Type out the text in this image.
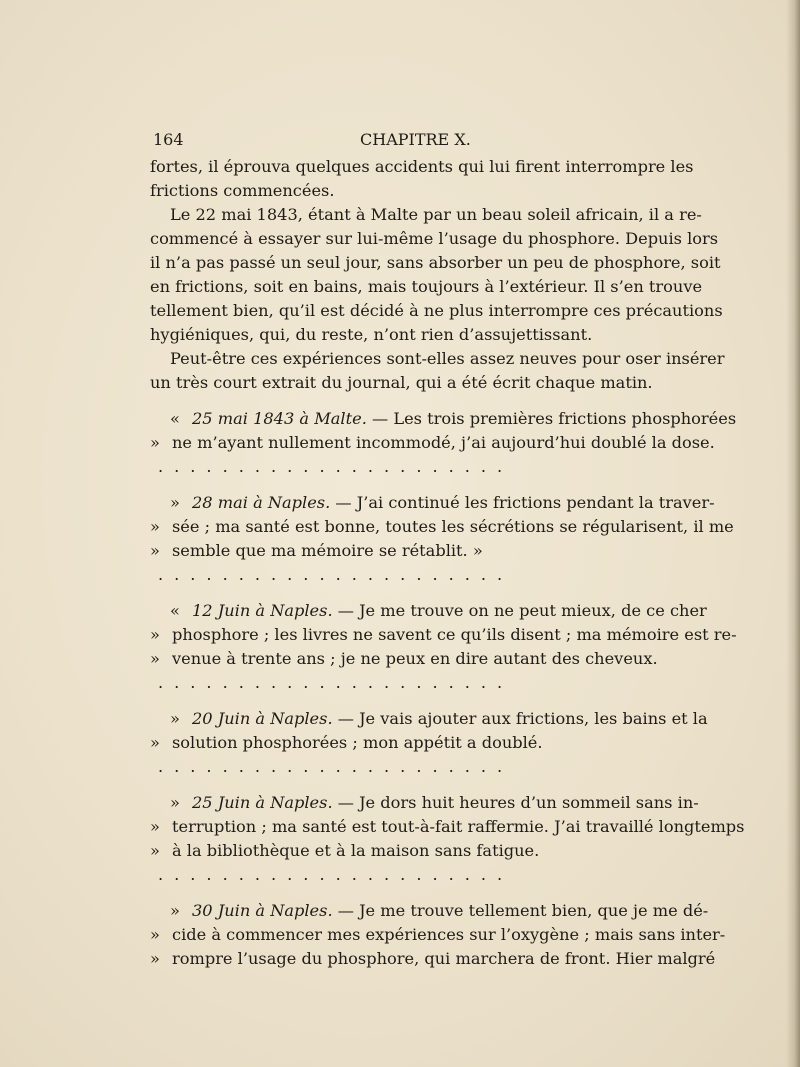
164	CHAPITRE X.
fortes, il éprouva quelques accidents qui lui firent interrompre les
frictions commencées.
Le 22 mai 1843, étant à Malte par un beau soleil africain, il a re-
commencé à essayer sur lui-même l’usage du phosphore. Depuis lors
il n’a pas passé un seul jour, sans absorber un peu de phosphore, soit
en frictions, soit en bains, mais toujours à l’extérieur. Il s’en trouve
tellement bien, qu’il est décidé à ne plus interrompre ces précautions
hygiéniques, qui, du reste, n’ont rien d’assujettissant.
Peut-être ces expériences sont-elles assez neuves pour oser insérer
un très court extrait du journal, qui a été écrit chaque matin.
« 25 mai 1843 à Malte. — Les trois premières frictions phosphorées
» ne m’ayant nullement incommodé, j’ai aujourd’hui doublé la dose.
......................
» 28 mai à Naples. — J’ai continué les frictions pendant la traver-
» sée ; ma santé est bonne, toutes les sécrétions se régularisent, il me
» semble que ma mémoire se rétablit. »
......................
« 12 Juin à Naples. — Je me trouve on ne peut mieux, de ce cher
» phosphore ; les livres ne savent ce qu’ils disent ; ma mémoire est re-
» venue à trente ans ; je ne peux en dire autant des cheveux.
......................
» 20 Juin à Naples. — Je vais ajouter aux frictions, les bains et la
» solution phosphorées ; mon appétit a doublé.
......................
» 25 Juin à Naples. — Je dors huit heures d’un sommeil sans in-
» terruption ; ma santé est tout-à-fait raffermie. J’ai travaillé longtemps
» à la bibliothèque et à la maison sans fatigue.
......................
» 30 Juin à Naples. — Je me trouve tellement bien, que je me dé-
» cide à commencer mes expériences sur l’oxygène ; mais sans inter-
» rompre l’usage du phosphore, qui marchera de front. Hier malgré
